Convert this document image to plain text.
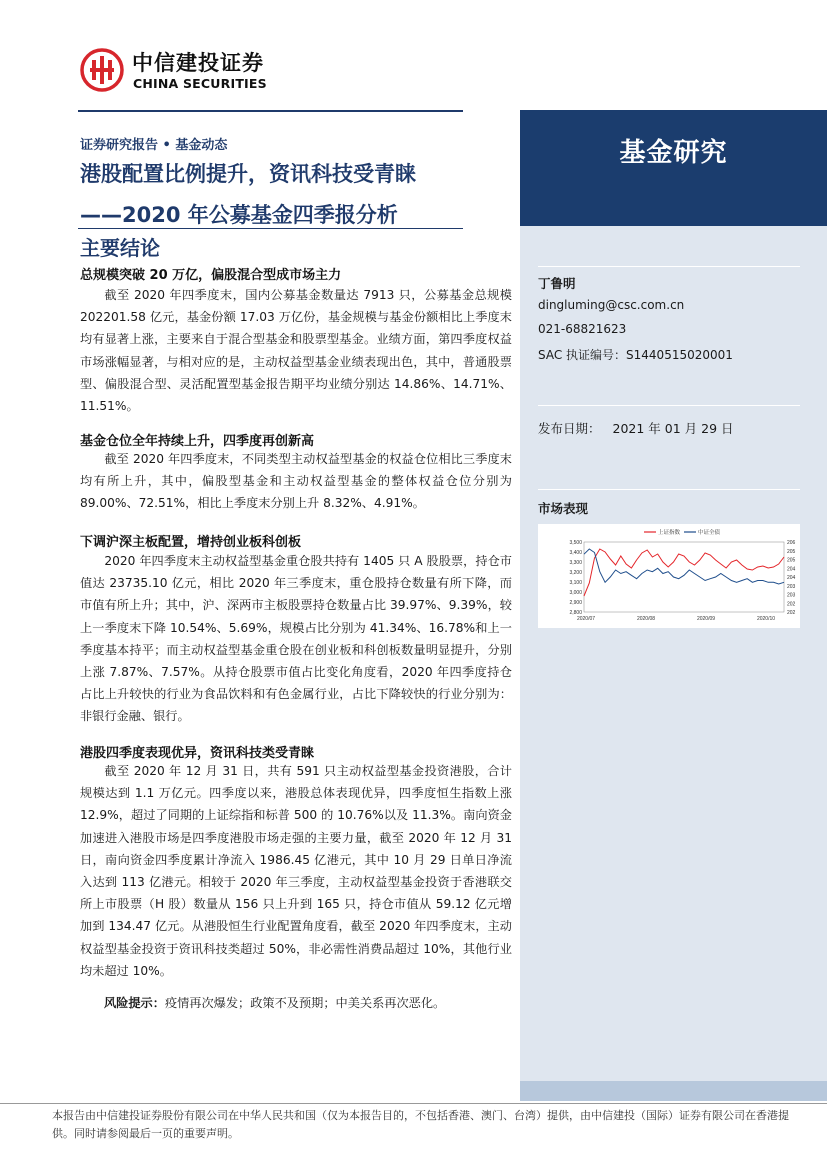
中信建投证券
CHINA SECURITIES
基金研究
丁鲁明
dingluming@csc.com.cn
021-68821623
SAC 执证编号：S1440515020001
发布日期： 2021 年 01 月 29 日
市场表现
2,800
2,900
3,000
3,100
3,200
3,300
3,400
3,500
202
202
203
203
204
204
205
205
206
2020/07	2020/08	2020/09	2020/10
上证指数	中证全债
证券研究报告 • 基金动态
港股配置比例提升，资讯科技受青睐
——2020 年公募基金四季报分析
主要结论
总规模突破 20 万亿，偏股混合型成市场主力
截至 2020 年四季度末，国内公募基金数量达 7913 只，公募基金总规模 202201.58 亿元，基金份额 17.03 万亿份，基金规模与基金份额相比上季度末均有显著上涨，主要来自于混合型基金和股票型基金。业绩方面，第四季度权益市场涨幅显著，与相对应的是，主动权益型基金业绩表现出色，其中，普通股票型、偏股混合型、灵活配置型基金报告期平均业绩分别达 14.86%、14.71%、11.51%。
基金仓位全年持续上升，四季度再创新高
截至 2020 年四季度末，不同类型主动权益型基金的权益仓位相比三季度末均有所上升，其中，偏股型基金和主动权益型基金的整体权益仓位分别为 89.00%、72.51%，相比上季度末分别上升 8.32%、4.91%。
下调沪深主板配置，增持创业板科创板
2020 年四季度末主动权益型基金重仓股共持有 1405 只 A 股股票，持仓市值达 23735.10 亿元，相比 2020 年三季度末，重仓股持仓数量有所下降，而市值有所上升；其中，沪、深两市主板股票持仓数量占比 39.97%、9.39%，较上一季度末下降 10.54%、5.69%，规模占比分别为 41.34%、16.78%和上一季度基本持平；而主动权益型基金重仓股在创业板和科创板数量明显提升，分别上涨 7.87%、7.57%。从持仓股票市值占比变化角度看，2020 年四季度持仓占比上升较快的行业为食品饮料和有色金属行业，占比下降较快的行业分别为：非银行金融、银行。
港股四季度表现优异，资讯科技类受青睐
截至 2020 年 12 月 31 日，共有 591 只主动权益型基金投资港股，合计规模达到 1.1 万亿元。四季度以来，港股总体表现优异，四季度恒生指数上涨 12.9%，超过了同期的上证综指和标普 500 的 10.76%以及 11.3%。南向资金加速进入港股市场是四季度港股市场走强的主要力量，截至 2020 年 12 月 31 日，南向资金四季度累计净流入 1986.45 亿港元，其中 10 月 29 日单日净流入达到 113 亿港元。相较于 2020 年三季度，主动权益型基金投资于香港联交所上市股票（H 股）数量从 156 只上升到 165 只，持仓市值从 59.12 亿元增加到 134.47 亿元。从港股恒生行业配置角度看，截至 2020 年四季度末，主动权益型基金投资于资讯科技类超过 50%，非必需性消费品超过 10%，其他行业均未超过 10%。
风险提示：疫情再次爆发；政策不及预期；中美关系再次恶化。
本报告由中信建投证券股份有限公司在中华人民共和国（仅为本报告目的，不包括香港、澳门、台湾）提供，由中信建投（国际）证券有限公司在香港提供。同时请参阅最后一页的重要声明。
